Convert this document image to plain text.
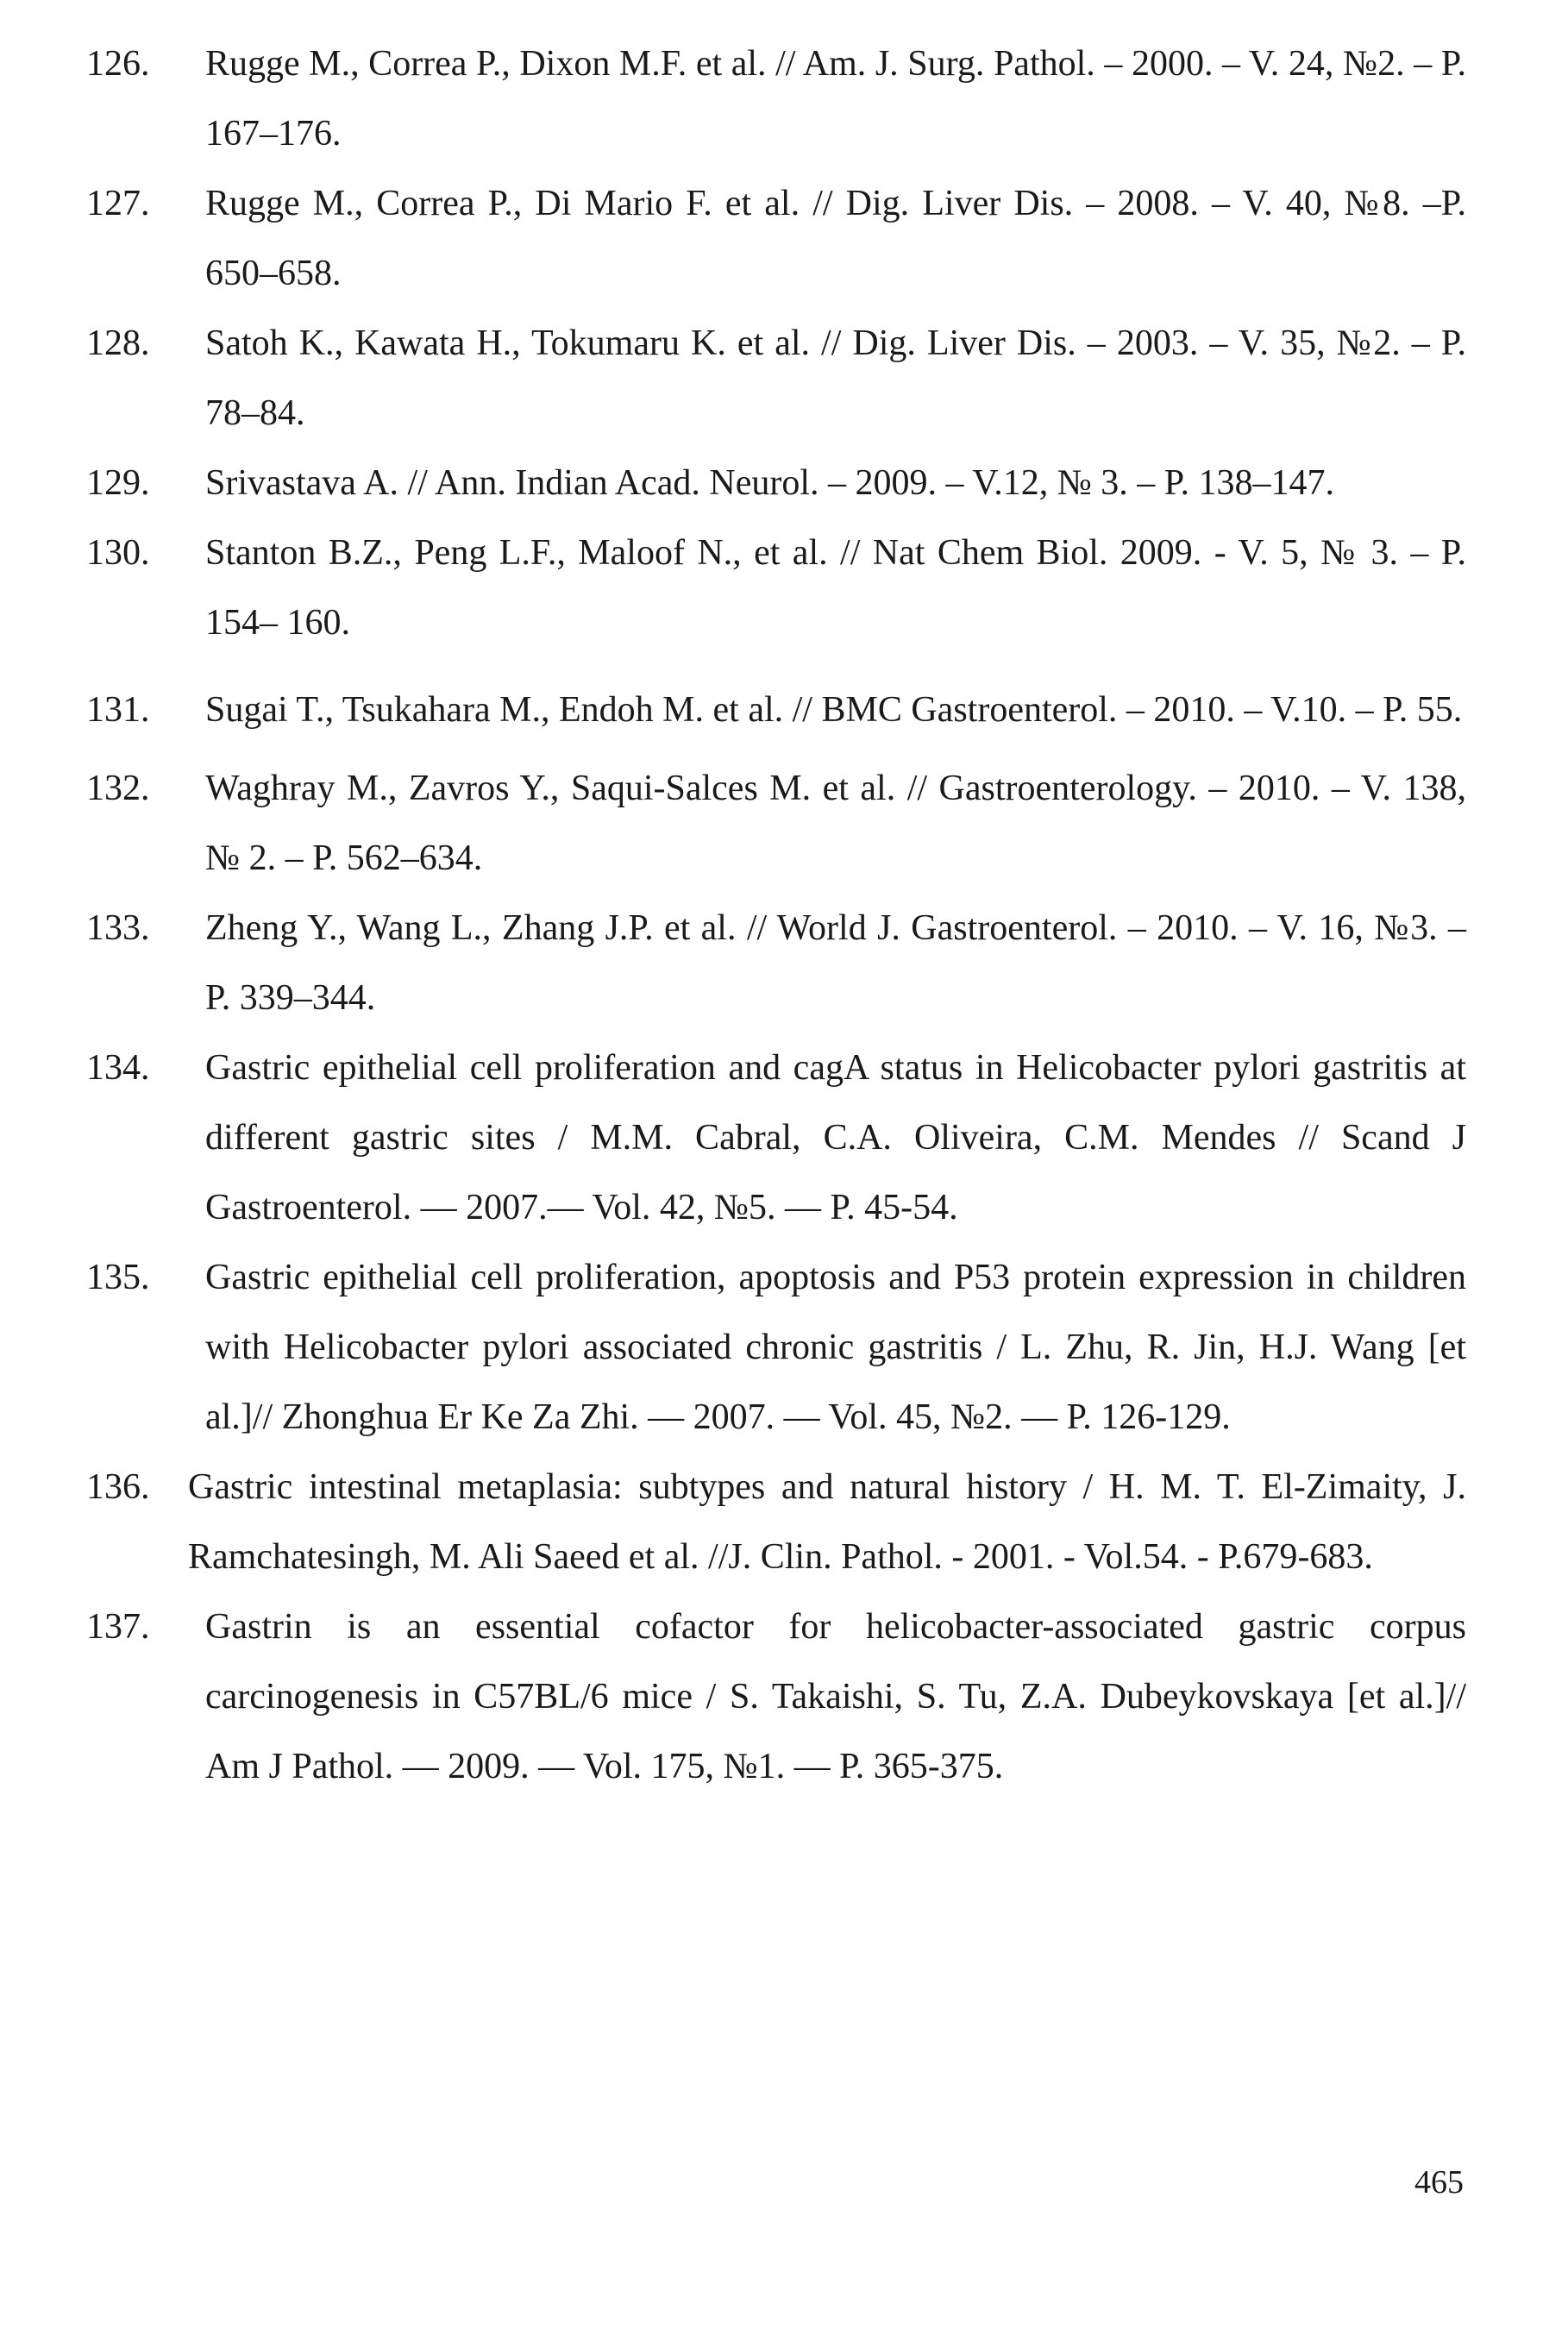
126. Rugge M., Correa P., Dixon M.F. et al. // Am. J. Surg. Pathol. – 2000. – V. 24, №2. – P. 167–176.
127. Rugge M., Correa P., Di Mario F. et al. // Dig. Liver Dis. – 2008. – V. 40, №8. –P. 650–658.
128. Satoh K., Kawata H., Tokumaru K. et al. // Dig. Liver Dis. – 2003. – V. 35, №2. – P. 78–84.
129. Srivastava A. // Ann. Indian Acad. Neurol. – 2009. – V.12, № 3. – P. 138–147.
130. Stanton B.Z., Peng L.F., Maloof N., et al. // Nat Chem Biol. 2009. - V. 5, № 3. – P. 154– 160.
131. Sugai T., Tsukahara M., Endoh M. et al. // BMC Gastroenterol. – 2010. – V.10. – P. 55.
132. Waghray M., Zavros Y., Saqui-Salces M. et al. // Gastroenterology. – 2010. – V. 138, № 2. – P. 562–634.
133. Zheng Y., Wang L., Zhang J.P. et al. // World J. Gastroenterol. – 2010. – V. 16, №3. – P. 339–344.
134. Gastric epithelial cell proliferation and cagA status in Helicobacter pylori gastritis at different gastric sites / M.M. Cabral, C.A. Oliveira, C.M. Mendes // Scand J Gastroenterol. — 2007.— Vol. 42, №5. — P. 45-54.
135. Gastric epithelial cell proliferation, apoptosis and P53 protein expression in children with Helicobacter pylori associated chronic gastritis / L. Zhu, R. Jin, H.J. Wang [et al.]// Zhonghua Er Ke Za Zhi. — 2007. — Vol. 45, №2. — P. 126-129.
136. Gastric intestinal metaplasia: subtypes and natural history / H. M. T. El-Zimaity, J. Ramchatesingh, M. Ali Saeed et al. //J. Clin. Pathol. - 2001. - Vol.54. - P.679-683.
137. Gastrin is an essential cofactor for helicobacter-associated gastric corpus carcinogenesis in C57BL/6 mice / S. Takaishi, S. Tu, Z.A. Dubeykovskaya [et al.]// Am J Pathol. — 2009. — Vol. 175, №1. — P. 365-375.
465
